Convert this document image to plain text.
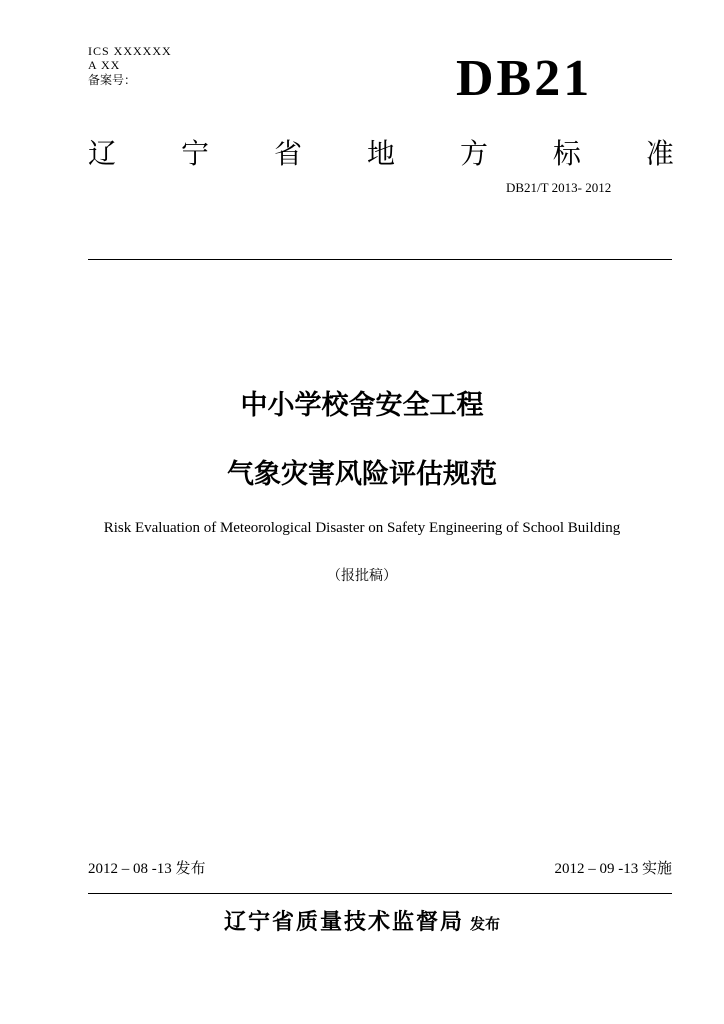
ICS XXXXXX
A XX
备案号：	DB21
辽 宁 省 地 方 标 准
DB21/T 2013- 2012
中小学校舍安全工程
气象灾害风险评估规范
Risk Evaluation of Meteorological Disaster on Safety Engineering of School Building
（报批稿）
2012 – 08 -13 发布	2012 – 09 -13 实施
辽宁省质量技术监督局 发布
